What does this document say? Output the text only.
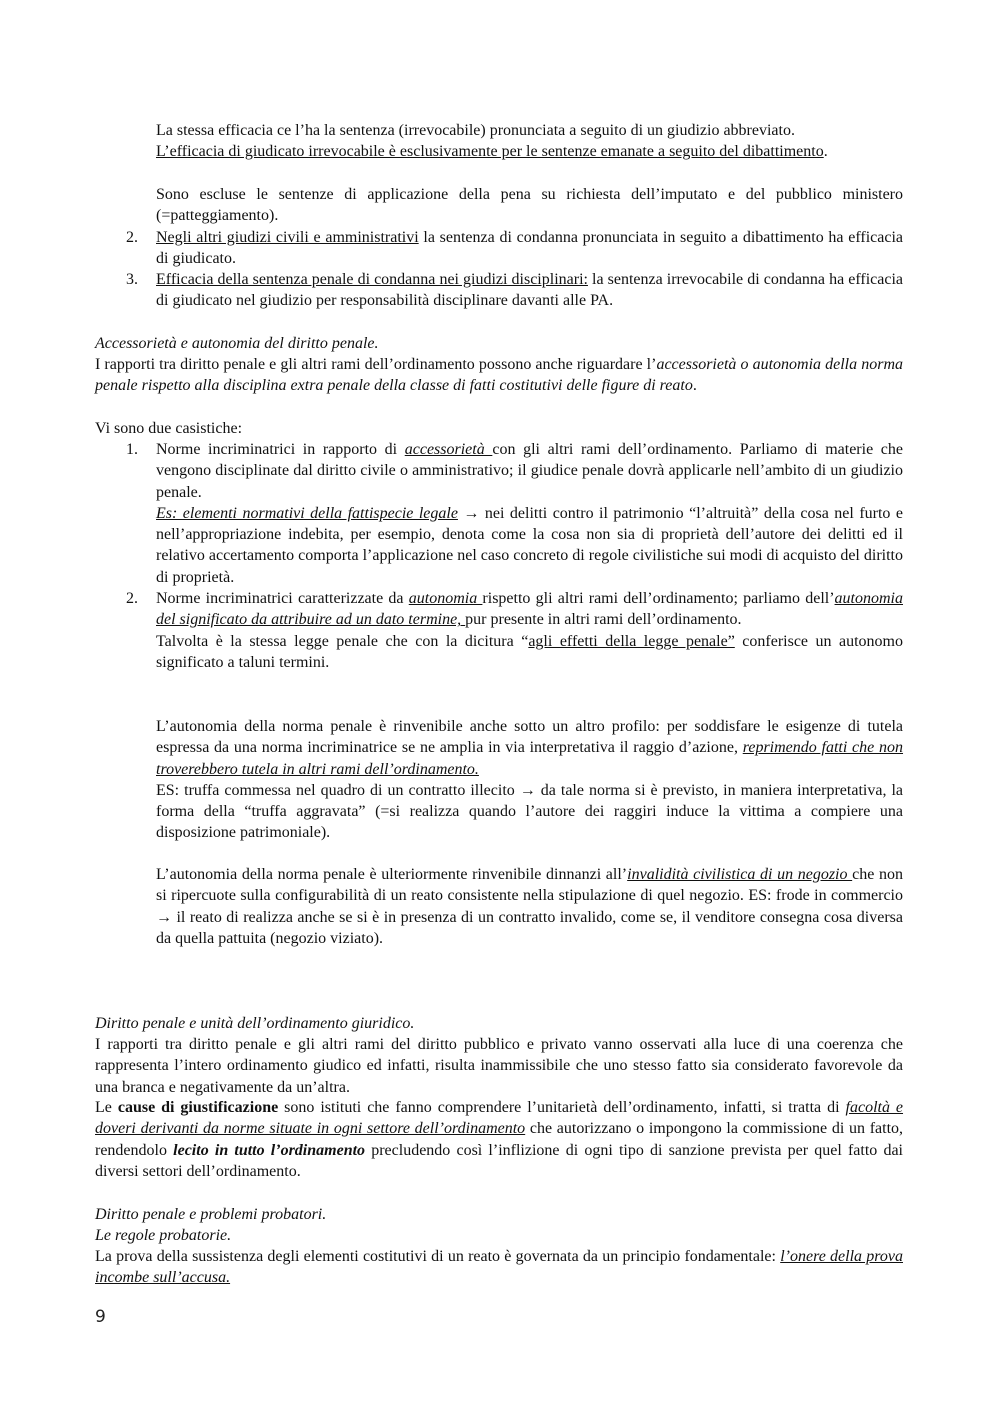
La stessa efficacia ce l’ha la sentenza (irrevocabile) pronunciata a seguito di un giudizio abbreviato.

L’efficacia di giudicato irrevocabile è esclusivamente per le sentenze emanate a seguito del dibattimento.

Sono escluse le sentenze di applicazione della pena su richiesta dell’imputato e del pubblico ministero (=patteggiamento).

2.	Negli altri giudizi civili e amministrativi la sentenza di condanna pronunciata in seguito a dibattimento ha efficacia di giudicato.

3.	Efficacia della sentenza penale di condanna nei giudizi disciplinari: la sentenza irrevocabile di condanna ha efficacia di giudicato nel giudizio per responsabilità disciplinare davanti alle PA.

Accessorietà e autonomia del diritto penale.

I rapporti tra diritto penale e gli altri rami dell’ordinamento possono anche riguardare l’accessorietà o autonomia della norma penale rispetto alla disciplina extra penale della classe di fatti costitutivi delle figure di reato.

Vi sono due casistiche:

1.	Norme incriminatrici in rapporto di accessorietà con gli altri rami dell’ordinamento. Parliamo di materie che vengono disciplinate dal diritto civile o amministrativo; il giudice penale dovrà applicarle nell’ambito di un giudizio penale.

Es: elementi normativi della fattispecie legale → nei delitti contro il patrimonio “l’altruità” della cosa nel furto e nell’appropriazione indebita, per esempio, denota come la cosa non sia di proprietà dell’autore dei delitti ed il relativo accertamento comporta l’applicazione nel caso concreto di regole civilistiche sui modi di acquisto del diritto di proprietà.

2.	Norme incriminatrici caratterizzate da autonomia rispetto gli altri rami dell’ordinamento; parliamo dell’autonomia del significato da attribuire ad un dato termine, pur presente in altri rami dell’ordinamento.

Talvolta è la stessa legge penale che con la dicitura “agli effetti della legge penale” conferisce un autonomo significato a taluni termini.

L’autonomia della norma penale è rinvenibile anche sotto un altro profilo: per soddisfare le esigenze di tutela espressa da una norma incriminatrice se ne amplia in via interpretativa il raggio d’azione, reprimendo fatti che non troverebbero tutela in altri rami dell’ordinamento.

ES: truffa commessa nel quadro di un contratto illecito → da tale norma si è previsto, in maniera interpretativa, la forma della “truffa aggravata” (=si realizza quando l’autore dei raggiri induce la vittima a compiere una disposizione patrimoniale).

L’autonomia della norma penale è ulteriormente rinvenibile dinnanzi all’invalidità civilistica di un negozio che non si ripercuote sulla configurabilità di un reato consistente nella stipulazione di quel negozio. ES: frode in commercio → il reato di realizza anche se si è in presenza di un contratto invalido, come se, il venditore consegna cosa diversa da quella pattuita (negozio viziato).

Diritto penale e unità dell’ordinamento giuridico.

I rapporti tra diritto penale e gli altri rami del diritto pubblico e privato vanno osservati alla luce di una coerenza che rappresenta l’intero ordinamento giudico ed infatti, risulta inammissibile che uno stesso fatto sia considerato favorevole da una branca e negativamente da un’altra.

Le cause di giustificazione sono istituti che fanno comprendere l’unitarietà dell’ordinamento, infatti, si tratta di facoltà e doveri derivanti da norme situate in ogni settore dell’ordinamento che autorizzano o impongono la commissione di un fatto, rendendolo lecito in tutto l’ordinamento precludendo così l’inflizione di ogni tipo di sanzione prevista per quel fatto dai diversi settori dell’ordinamento.

Diritto penale e problemi probatori.

Le regole probatorie.

La prova della sussistenza degli elementi costitutivi di un reato è governata da un principio fondamentale: l’onere della prova incombe sull’accusa.

9
